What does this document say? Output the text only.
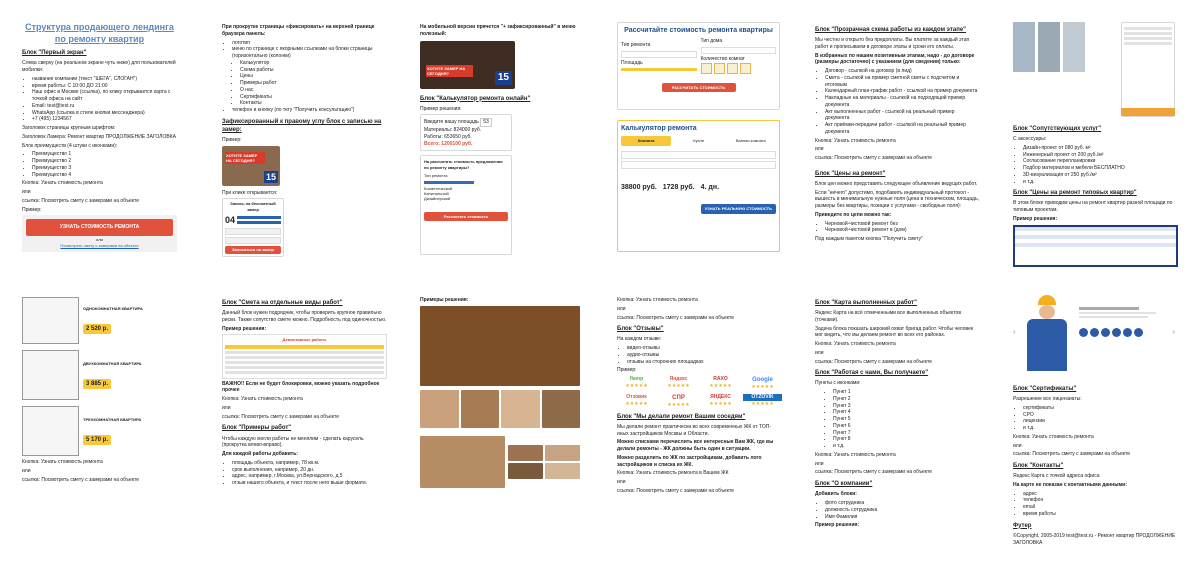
Структура продающего лендинга по ремонту квартир
Блок "Первый экран"
Слева сверху (на реальном экране чуть ниже) для пользователей мобилки:
• название компании (текст "ШЕГА", СЛОГАН")
• время работы: С 10:00 ДО 21:00
• Наш офис в Москве (ссылка), по клику открывается карта с точкой офиса на сайт
• Email: test@test.ru
• WhatsApp (ссылка в стиле кнопки мессенджера)
• +7 (495) 1234567
Заголовок страницы крупным шрифтом:
Заголовок Ламера: Ремонт квартир ПРОДОЛЖЕНИЕ ЗАГОЛОВКА
Блок преимуществ (4 штуки с иконками):
• Преимущество 1
• Преимущество 2
• Преимущество 3
• Преимущество 4
Кнопка: Узнать стоимость ремонта
или
ссылка: Посмотреть смету с замерами на объекте
Пример:
УЗНАТЬ СТОИМОСТЬ РЕМОНТА
или
Посмотреть смету с замерами на объекте
При прокрутке страницы «фиксировать» на верхней границе браузера панель:
• логотип
• меню по странице с якорными ссылками на блоки страницы (горизонтально (колонки)
• Калькулятор
• Схема работы
• Цены
• Примеры работ
• О нас
• Сертификаты
• Контакты
• телефон и кнопку (по тегу "Получить консультацию")
Зафиксированный к правому углу блок с записью на замер:
Пример:
ХОТИТЕ ЗАМЕР НА СЕГОДНЯ?
15
При клике открывается:
Запись на бесплатный замер
04
Записаться на замер
На мобильной версии прячется "+ зафиксированный" в меню полезный:
ХОТИТЕ ЗАМЕР НА СЕГОДНЯ?	15
Блок "Калькулятор ремонта онлайн"
Пример решения:
Введите вашу площадь
53
Материалы: 824000 руб.
Работы: 653650 руб.
Всего: 1200100 руб.
На рассчитать стоимость предложения по ремонту квартиры?
Тип ремонта
Косметический
Капитальный
Дизайнерский
Рассчитать стоимость
Рассчитайте стоимость ремонта квартиры
Тип ремонта
Площадь
Тип дома
Количество комнат
РАССЧИТАТЬ СТОИМОСТЬ
Калькулятор ремонта
Комната	Кухня	Ванная комната
38800 руб. 1728 руб. 4. дн.
УЗНАТЬ РЕАЛЬНУЮ СТОИМОСТЬ
Блок "Прозрачная схема работы из каждом этапе"
Мы честно и открыто без предоплаты. Вы платите за каждый этап работ и прописываем в договоре этапы и сроки его оплаты.
В избранных по нашим позитивным этапам, надо - до договоре (размеры достаточно) с указанием (для сведения) только:
• Договор - ссылкой на договор (в лид)
• Смета - ссылкой на пример сметной сметы с подсчетом и итоговым
• Календарный план-график работ - ссылкой на пример документа
• Накладные на материалы - ссылкой на подходящий пример документа
• Акт выполненных работ - ссылкой на реальный пример документа
• Акт приёмки-передачи работ - ссылкой на реальный пример документа
Кнопка: Узнать стоимость ремонта
или
ссылка: Посмотреть смету с замерами на объекте
Блок "Цены на ремонт"
Блок цен можно представить следующее объявление ведущих работ.
Если "ничего" допустимо, подобавить индивидуальный протокол - вышесть в минимальную нужные поля (цена в техническом, площадь, размеры без квартиры, позиции с услугами - свободные поля):
Приведите по цепи можно так:
• Черновой-чистовой ремонт без
• Черновой-чистовой ремонт в (дом)
Под каждым пакетом кнопка "Получить смету"
Блок "Сопутствующих услуг"
С аксессуары:
• Дизайн-проект от 080 руб. м²
• Инженерный проект от 200 руб./м²
• Согласование перепланировки
• Подбор материалов и мебели БЕСПЛАТНО
• 3D-визуализация от 250 руб./м²
• и т.д.
Блок "Цены на ремонт типовых квартир"
В этом блоке приводим цены на ремонт квартир разной площади по типовым проектам.
Пример решения:
ОДНОКОМНАТНАЯ КВАРТИРА
2 520 р.
ДВУХКОМНАТНАЯ КВАРТИРА
3 885 р.
ТРЕХКОМНАТНАЯ КВАРТИРА
5 170 р.
Кнопка: Узнать стоимость ремонта
или
ссылка: Посмотреть смету с замерами на объекте
Блок "Смета на отдельные виды работ"
Данный блок нужен подрядчик, чтобы проверить крупное правильно риски. Также сопутство смете можно. Подробность под одиночностью.
Пример решения:
Демонтажные работы
ВАЖНО!! Если не будет блокировки, можно указать подробное прочее
Кнопка: Узнать стоимость ремонта
или
ссылка: Посмотреть смету с замерами на объекте
Блок "Примеры работ"
Чтобы каждую могли работы не менялим - сделать карусель (прокрутка влево-вправо).
Для каждой работы добавить:
• площадь объекта, например, 78 кв.м.
• срок выполнения, например, 20 дн.
• адрес, например, г.Москва, ул.Вернадского, д.5
• отзыв нашего объекта, и текст после него выше формате.
Примеры решения:	Кнопка: Узнать стоимость ремонта
или
ссылка: Посмотреть смету с замерами на объекте
Блок "Отзывы"
На каждом отзыве:
• видео-отзывы
• аудио-отзывы
• отзывы на сторонних площадках
Пример:
flamp
★★★★★
Яндекс
★★★★★
RAXO
★★★★★
Google
★★★★★
Отзовик
★★★★★
СПР
★★★★★
ЯНДЕКС
★★★★★
OTZOVIK
★★★★★
Блок "Мы делали ремонт Вашим соседям"
Мы делали ремонт практически во всех современных ЖК от ТОП-иных застройщиков Москвы и Области.
Можно списками перечислить все интересные Вам ЖК, где вы делали ремонты - ЖК должны быть один в ситуации.
Можно разделить по ЖК по застройщикам, добавить лого застройщиков и списка их ЖК.
Кнопка: Узнать стоимость ремонта в Вашем ЖК
или
ссылка: Посмотреть смету с замерами на объекте
Блок "Карта выполненных работ"
Яндекс Карта на всё отмеченными все выполненных объектов (точками).
Задача блока показать широкий охват бригад работ. Чтобы человек мог видеть, что мы делаем ремонт во всех его районах.
Кнопка: Узнать стоимость ремонта
или
ссылка: Посмотреть смету с замерами на объекте
Блок "Работая с нами, Вы получаете"
Пункты с иконками:
• Пункт 1
• Пункт 2
• Пункт 3
• Пункт 4
• Пункт 5
• Пункт 6
• Пункт 7
• Пункт 8
• и т.д.
Кнопка: Узнать стоимость ремонта
или
ссылка: Посмотреть смету с замерами на объекте
Блок "О компании"
Добавить блоки:
• фото сотрудника
• должность сотрудника
• Имя Фамилия
Пример решения:
‹	›
Блок "Сертификаты"
Разрешение все лицензиаты:
• сертификаты
• СРО
• лицензии
• и т.д.
Кнопка: Узнать стоимость ремонта
или
ссылка: Посмотреть смету с замерами на объекте
Блок "Контакты"
Яндекс Карта с точкой адреса офиса
На карте не показан с контактными данными:
• адрес
• телефон
• email
• время работы
Футер
©Copyright, 2005-2019 test@test.ru - Ремонт квартир ПРОДОЛЖЕНИЕ ЗАГОЛОВКА
